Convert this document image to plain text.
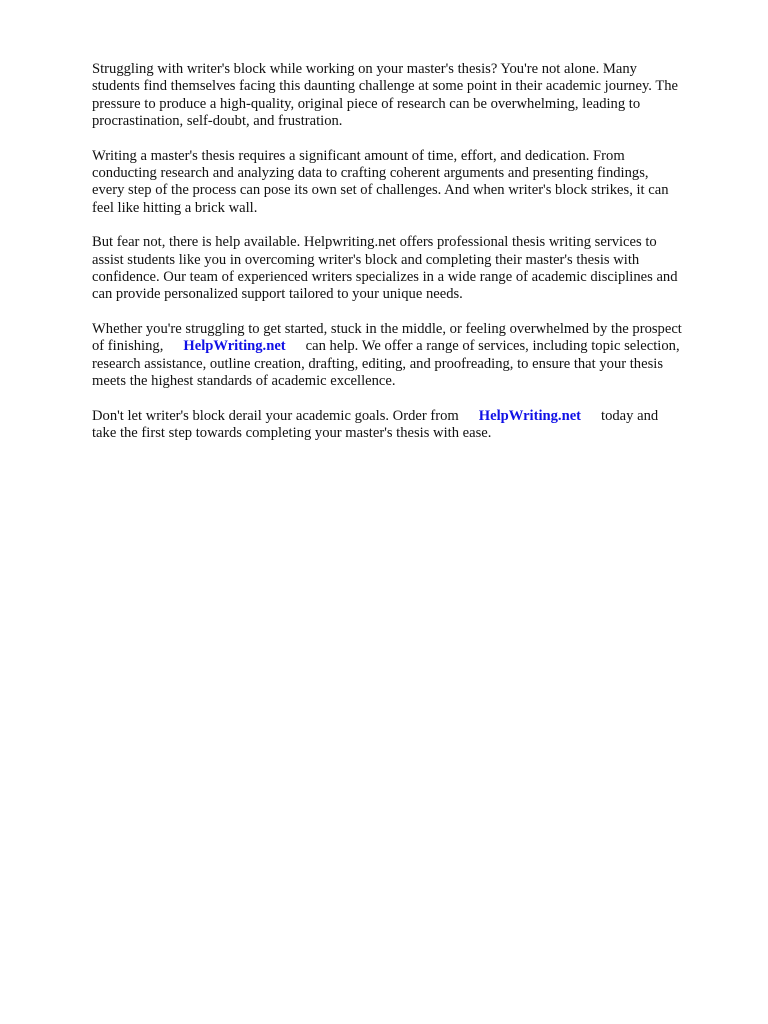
Struggling with writer's block while working on your master's thesis? You're not alone. Many
students find themselves facing this daunting challenge at some point in their academic journey. The
pressure to produce a high-quality, original piece of research can be overwhelming, leading to
procrastination, self-doubt, and frustration.

Writing a master's thesis requires a significant amount of time, effort, and dedication. From
conducting research and analyzing data to crafting coherent arguments and presenting findings,
every step of the process can pose its own set of challenges. And when writer's block strikes, it can
feel like hitting a brick wall.

But fear not, there is help available. Helpwriting.net offers professional thesis writing services to
assist students like you in overcoming writer's block and completing their master's thesis with
confidence. Our team of experienced writers specializes in a wide range of academic disciplines and
can provide personalized support tailored to your unique needs.

Whether you're struggling to get started, stuck in the middle, or feeling overwhelmed by the prospect
of finishing, HelpWriting.net can help. We offer a range of services, including topic selection,
research assistance, outline creation, drafting, editing, and proofreading, to ensure that your thesis
meets the highest standards of academic excellence.

Don't let writer's block derail your academic goals. Order from HelpWriting.net today and
take the first step towards completing your master's thesis with ease.
